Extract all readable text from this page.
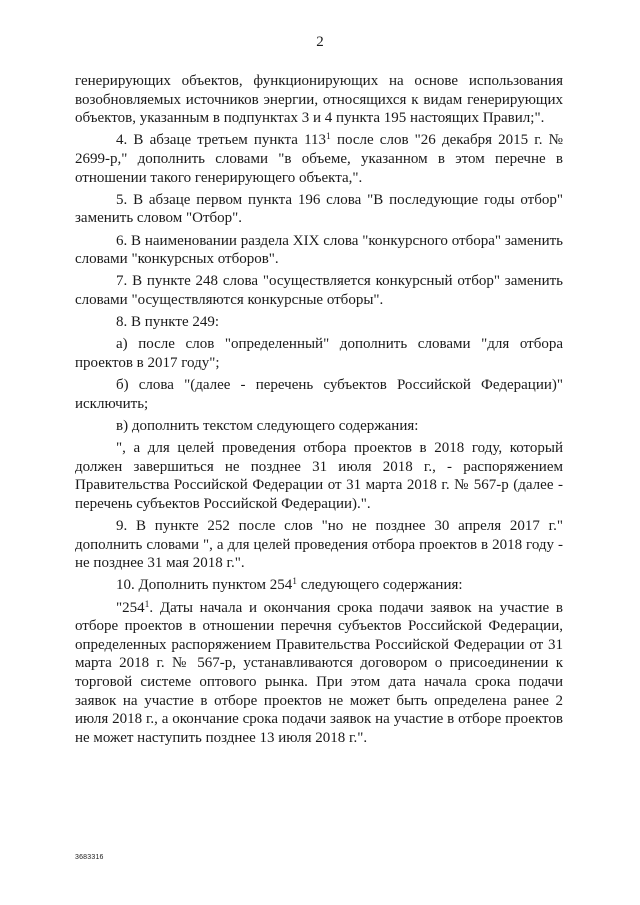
2

генерирующих объектов, функционирующих на основе использования возобновляемых источников энергии, относящихся к видам генерирующих объектов, указанным в подпунктах 3 и 4 пункта 195 настоящих Правил;".

4. В абзаце третьем пункта $113^1$ после слов "26 декабря 2015 г. № 2699-р," дополнить словами "в объеме, указанном в этом перечне в отношении такого генерирующего объекта,".

5. В абзаце первом пункта 196 слова "В последующие годы отбор" заменить словом "Отбор".

6. В наименовании раздела XIX слова "конкурсного отбора" заменить словами "конкурсных отборов".

7. В пункте 248 слова "осуществляется конкурсный отбор" заменить словами "осуществляются конкурсные отборы".

8. В пункте 249:

а) после слов "определенный" дополнить словами "для отбора проектов в 2017 году";

б) слова "(далее - перечень субъектов Российской Федерации)" исключить;

в) дополнить текстом следующего содержания:

", а для целей проведения отбора проектов в 2018 году, который должен завершиться не позднее 31 июля 2018 г., - распоряжением Правительства Российской Федерации от 31 марта 2018 г. № 567-р (далее - перечень субъектов Российской Федерации).".

9. В пункте 252 после слов "но не позднее 30 апреля 2017 г." дополнить словами ", а для целей проведения отбора проектов в 2018 году - не позднее 31 мая 2018 г.".

10. Дополнить пунктом $254^1$ следующего содержания:

"$254^1$. Даты начала и окончания срока подачи заявок на участие в отборе проектов в отношении перечня субъектов Российской Федерации, определенных распоряжением Правительства Российской Федерации от 31 марта 2018 г. № 567-р, устанавливаются договором о присоединении к торговой системе оптового рынка. При этом дата начала срока подачи заявок на участие в отборе проектов не может быть определена ранее 2 июля 2018 г., а окончание срока подачи заявок на участие в отборе проектов не может наступить позднее 13 июля 2018 г.".

3683316
